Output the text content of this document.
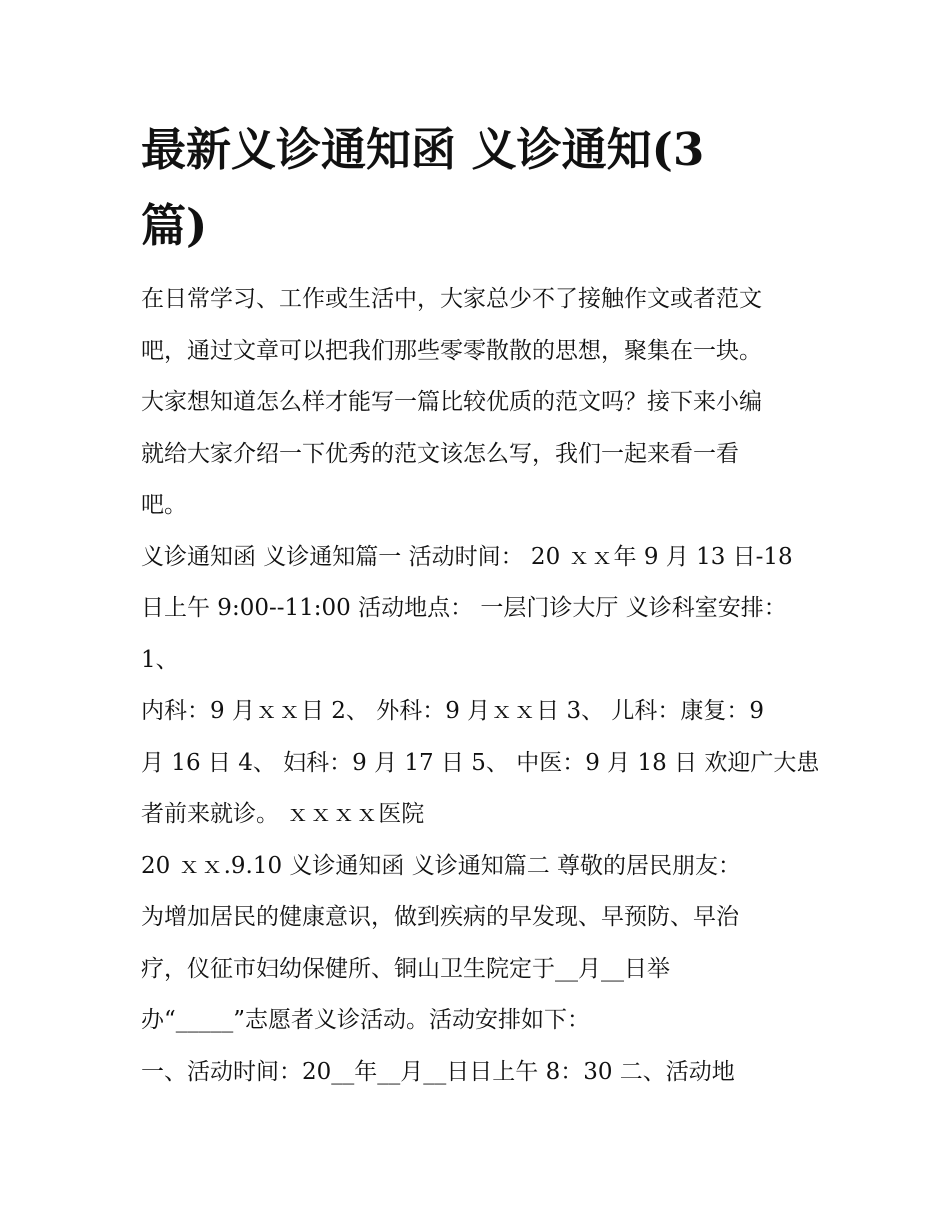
最新义诊通知函 义诊通知(3
篇)
在日常学习、工作或生活中，大家总少不了接触作文或者范文
吧，通过文章可以把我们那些零零散散的思想，聚集在一块。
大家想知道怎么样才能写一篇比较优质的范文吗？接下来小编
就给大家介绍一下优秀的范文该怎么写，我们一起来看一看
吧。
义诊通知函 义诊通知篇一 活动时间： 20 ｘｘ年 9 月 13 日-18
日上午 9:00--11:00 活动地点： 一层门诊大厅 义诊科室安排：
1、
内科：9 月ｘｘ日 2、 外科：9 月ｘｘ日 3、 儿科：康复：9
月 16 日 4、 妇科：9 月 17 日 5、 中医：9 月 18 日 欢迎广大患
者前来就诊。 ｘｘｘｘ医院
20 ｘｘ.9.10 义诊通知函 义诊通知篇二 尊敬的居民朋友：
为增加居民的健康意识，做到疾病的早发现、早预防、早治
疗，仪征市妇幼保健所、铜山卫生院定于__月__日举
办“_____”志愿者义诊活动。活动安排如下：
一、活动时间：20__年__月__日日上午 8：30 二、活动地
